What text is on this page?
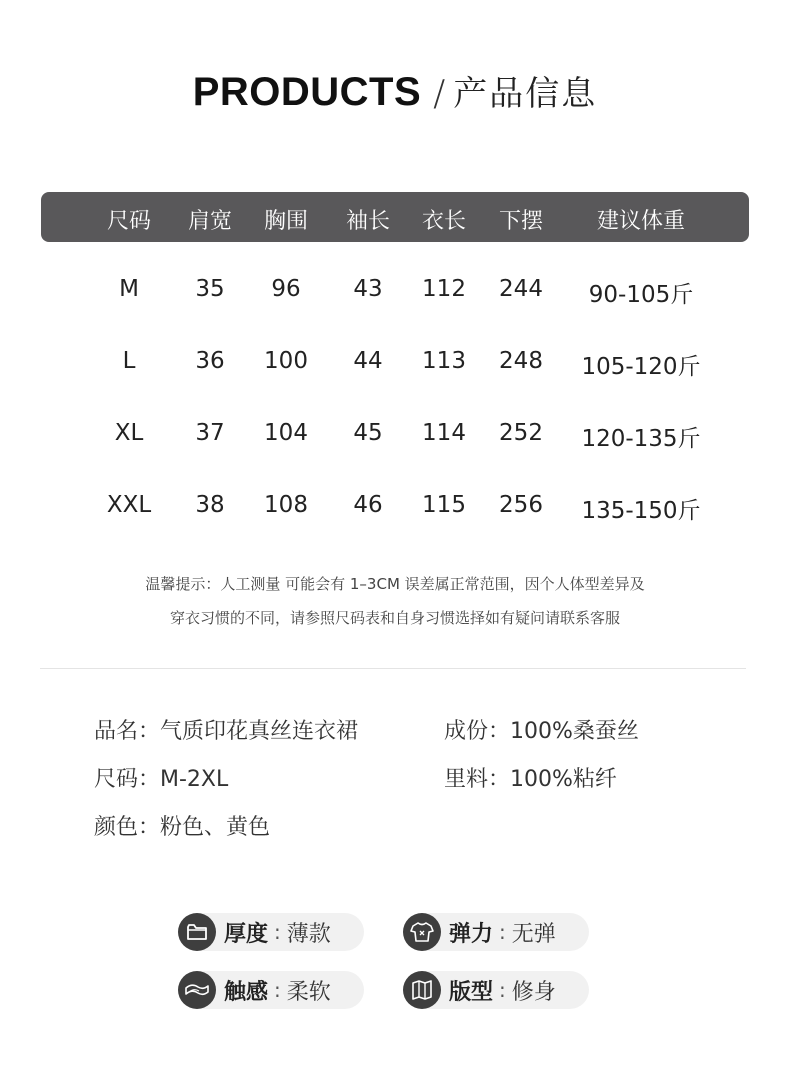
PRODUCTS / 产品信息
尺码 肩宽 胸围 袖长 衣长 下摆 建议体重
M 35 96 43 112 244 90-105斤
L	36 100 44 113 248 105-120斤
XL 37 104 45 114 252 120-135斤
XXL 38 108 46 115 256 135-150斤
温馨提示：人工测量 可能会有 1–3CM 误差属正常范围，因个人体型差异及
穿衣习惯的不同，请参照尺码表和自身习惯选择如有疑问请联系客服
品名：气质印花真丝连衣裙	成份：100%桑蚕丝
尺码：M-2XL	里料：100%粘纤
颜色：粉色、黄色
厚度 : 薄款	弹力 : 无弹
触感 : 柔软	版型 : 修身
